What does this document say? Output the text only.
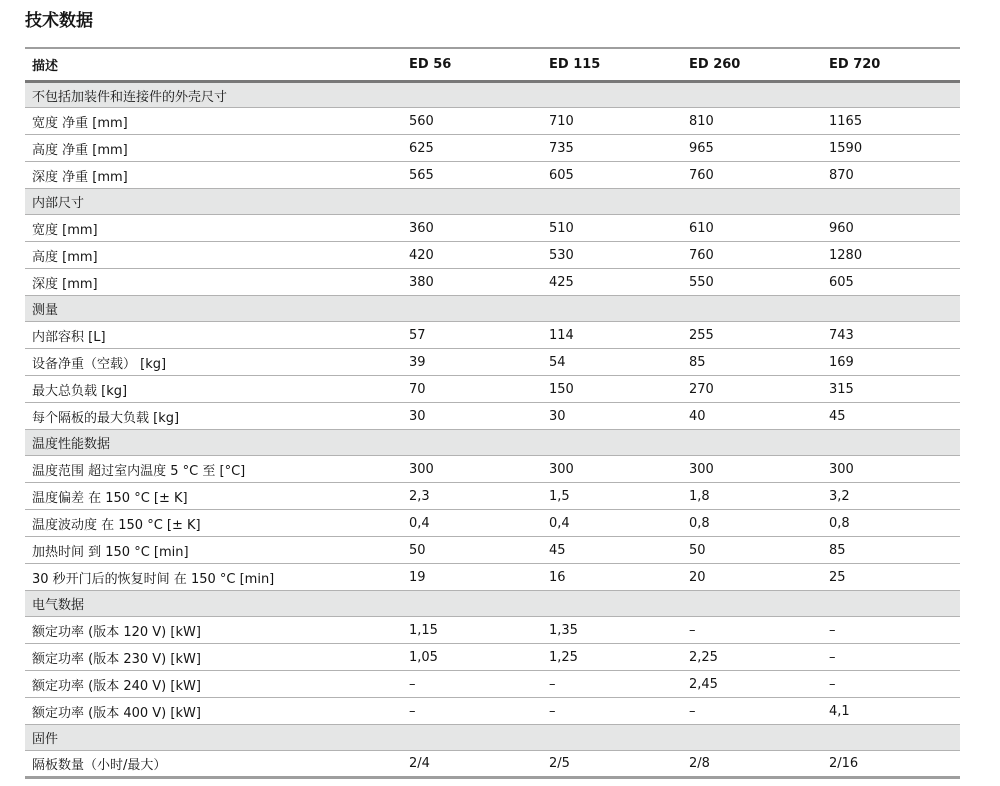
技术数据
描述	ED 56	ED 115	ED 260	ED 720
不包括加装件和连接件的外壳尺寸				
宽度 净重 [mm]	560	710	810	1165
高度 净重 [mm]	625	735	965	1590
深度 净重 [mm]	565	605	760	870
内部尺寸				
宽度 [mm]	360	510	610	960
高度 [mm]	420	530	760	1280
深度 [mm]	380	425	550	605
测量				
内部容积 [L]	57	114	255	743
设备净重（空载） [kg]	39	54	85	169
最大总负载 [kg]	70	150	270	315
每个隔板的最大负载 [kg]	30	30	40	45
温度性能数据				
温度范围 超过室内温度 5 °C 至 [°C]	300	300	300	300
温度偏差 在 150 °C [± K]	2,3	1,5	1,8	3,2
温度波动度 在 150 °C [± K]	0,4	0,4	0,8	0,8
加热时间 到 150 °C [min]	50	45	50	85
30 秒开门后的恢复时间 在 150 °C [min]	19	16	20	25
电气数据				
额定功率 (版本 120 V) [kW]	1,15	1,35	–	–
额定功率 (版本 230 V) [kW]	1,05	1,25	2,25	–
额定功率 (版本 240 V) [kW]	–	–	2,45	–
额定功率 (版本 400 V) [kW]	–	–	–	4,1
固件				
隔板数量（小时/最大）	2/4	2/5	2/8	2/16
